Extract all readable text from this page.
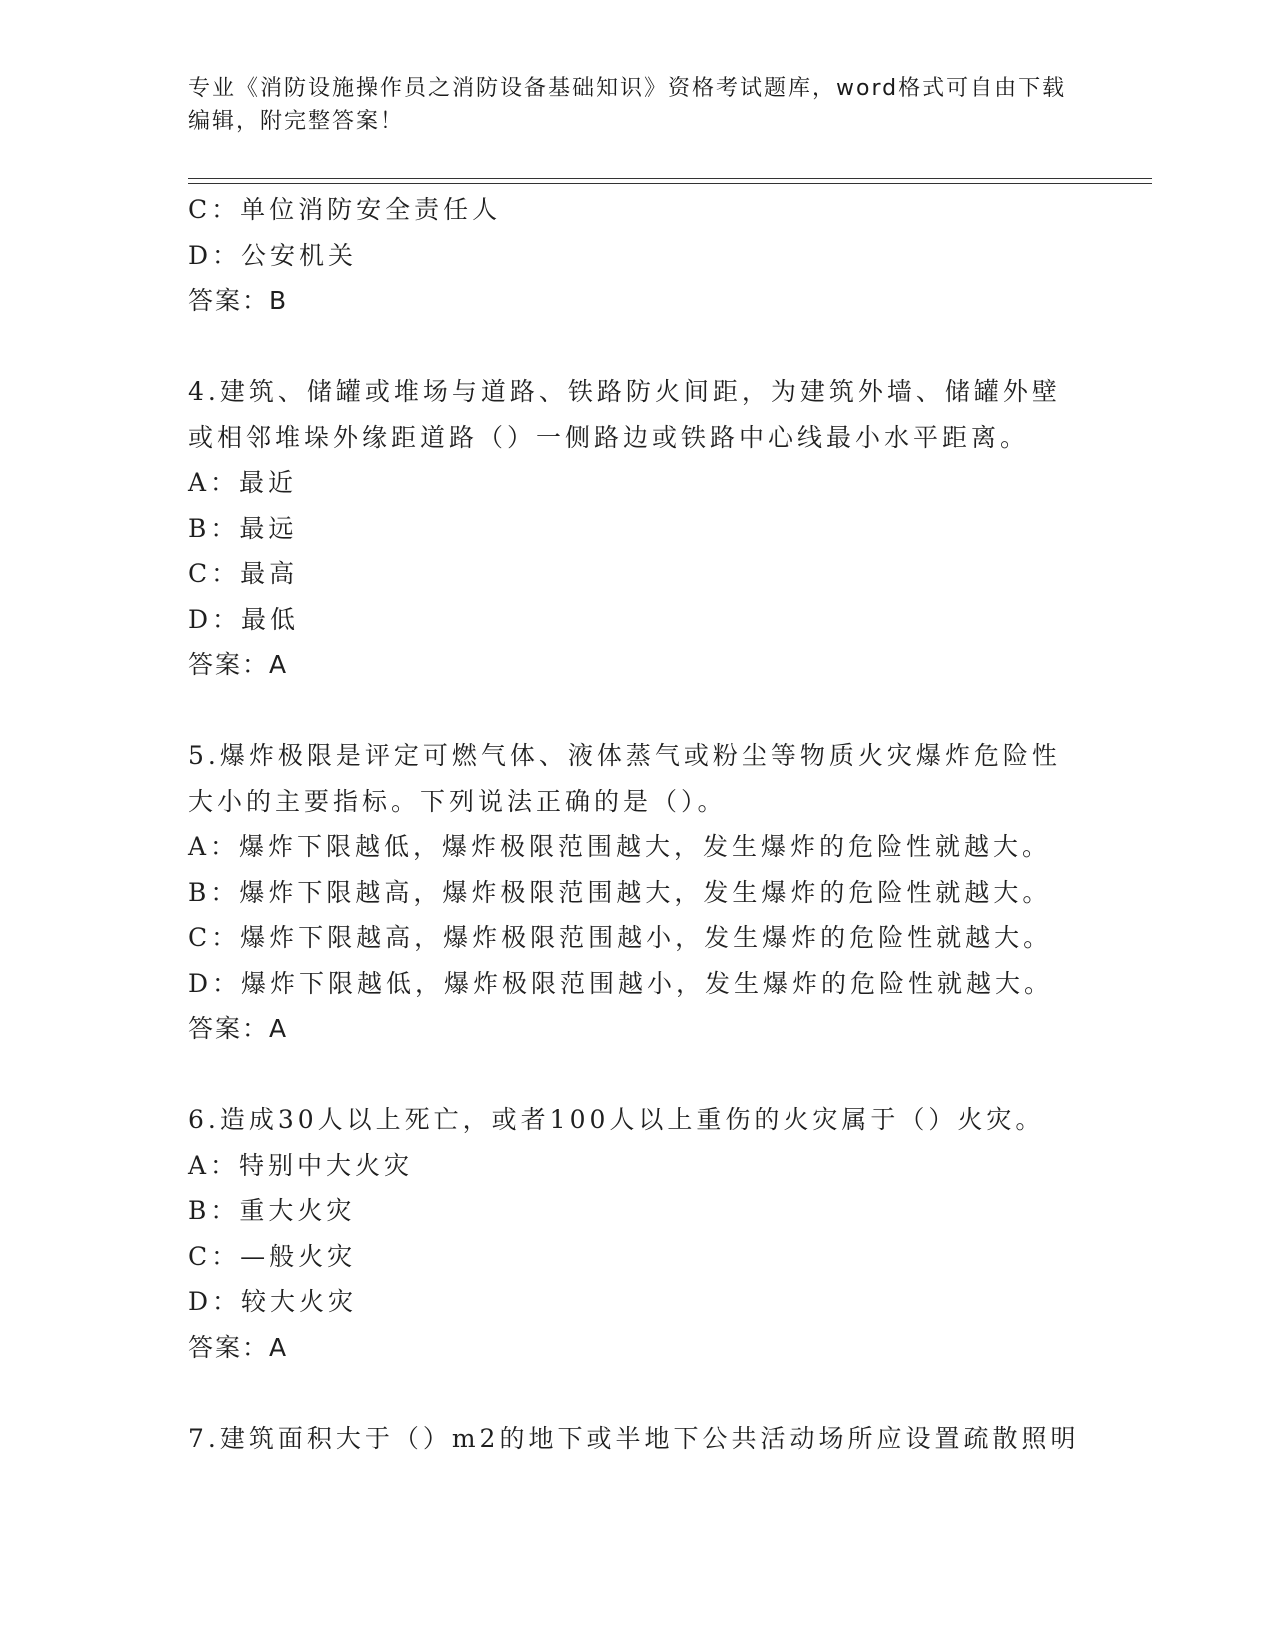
专业《消防设施操作员之消防设备基础知识》资格考试题库，word格式可自由下载编辑，附完整答案！
C：单位消防安全责任人
D：公安机关
答案：B
4.建筑、储罐或堆场与道路、铁路防火间距，为建筑外墙、储罐外壁
或相邻堆垛外缘距道路（）一侧路边或铁路中心线最小水平距离。
A：最近
B：最远
C：最高
D：最低
答案：A
5.爆炸极限是评定可燃气体、液体蒸气或粉尘等物质火灾爆炸危险性
大小的主要指标。下列说法正确的是（）。
A：爆炸下限越低，爆炸极限范围越大，发生爆炸的危险性就越大。
B：爆炸下限越高，爆炸极限范围越大，发生爆炸的危险性就越大。
C：爆炸下限越高，爆炸极限范围越小，发生爆炸的危险性就越大。
D：爆炸下限越低，爆炸极限范围越小，发生爆炸的危险性就越大。
答案：A
6.造成30人以上死亡，或者100人以上重伤的火灾属于（）火灾。
A：特别中大火灾
B：重大火灾
C：—般火灾
D：较大火灾
答案：A
7.建筑面积大于（）m2的地下或半地下公共活动场所应设置疏散照明
